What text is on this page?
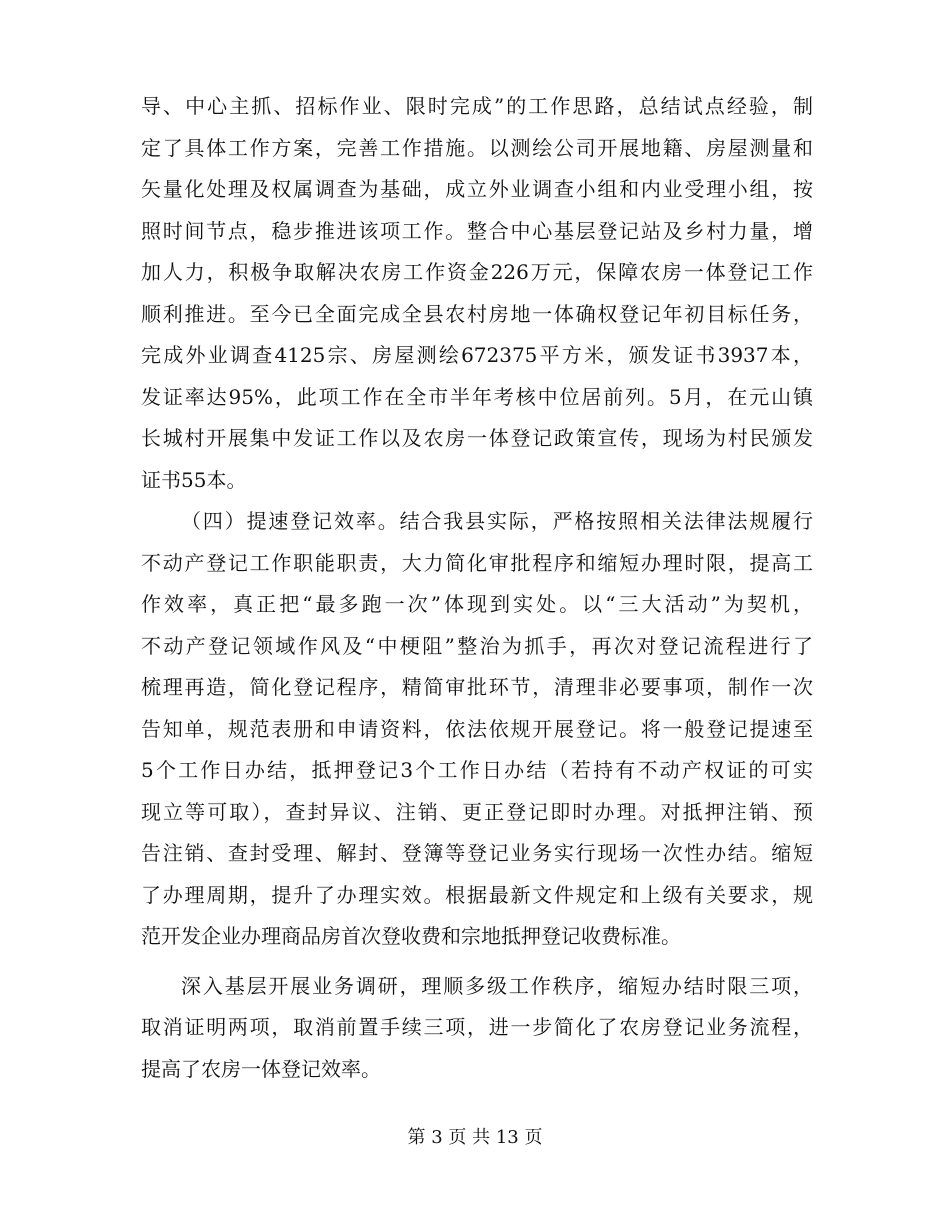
导、中心主抓、招标作业、限时完成”的工作思路，总结试点经验，制
定了具体工作方案，完善工作措施。以测绘公司开展地籍、房屋测量和
矢量化处理及权属调查为基础，成立外业调查小组和内业受理小组，按
照时间节点，稳步推进该项工作。整合中心基层登记站及乡村力量，增
加人力，积极争取解决农房工作资金226万元，保障农房一体登记工作
顺利推进。至今已全面完成全县农村房地一体确权登记年初目标任务，
完成外业调查4125宗、房屋测绘672375平方米，颁发证书3937本，
发证率达95%，此项工作在全市半年考核中位居前列。5月，在元山镇
长城村开展集中发证工作以及农房一体登记政策宣传，现场为村民颁发
证书55本。
（四）提速登记效率。结合我县实际，严格按照相关法律法规履行
不动产登记工作职能职责，大力简化审批程序和缩短办理时限，提高工
作效率，真正把“最多跑一次”体现到实处。以“三大活动”为契机，
不动产登记领域作风及“中梗阻”整治为抓手，再次对登记流程进行了
梳理再造，简化登记程序，精简审批环节，清理非必要事项，制作一次
告知单，规范表册和申请资料，依法依规开展登记。将一般登记提速至
5个工作日办结，抵押登记3个工作日办结（若持有不动产权证的可实
现立等可取），查封异议、注销、更正登记即时办理。对抵押注销、预
告注销、查封受理、解封、登簿等登记业务实行现场一次性办结。缩短
了办理周期，提升了办理实效。根据最新文件规定和上级有关要求，规
范开发企业办理商品房首次登收费和宗地抵押登记收费标准。
深入基层开展业务调研，理顺多级工作秩序，缩短办结时限三项，
取消证明两项，取消前置手续三项，进一步简化了农房登记业务流程，
提高了农房一体登记效率。
第 3 页 共 13 页
